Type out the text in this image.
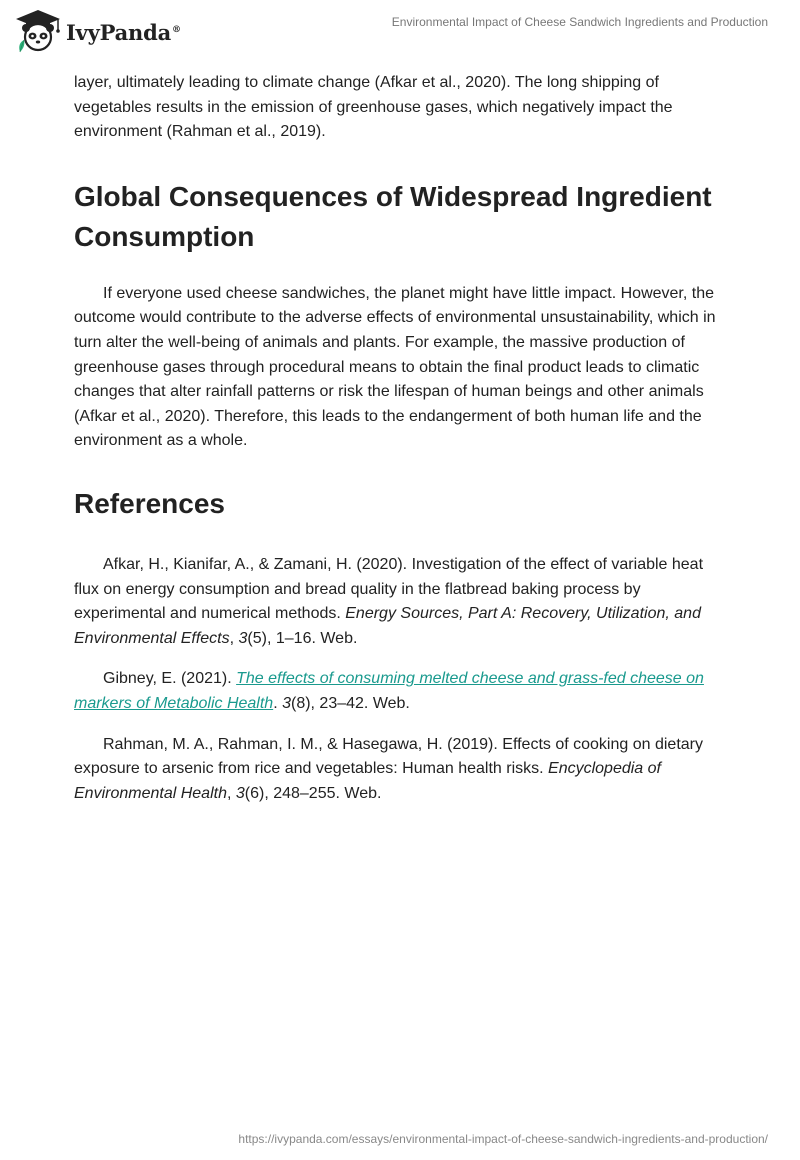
IvyPanda®
Environmental Impact of Cheese Sandwich Ingredients and Production

layer, ultimately leading to climate change (Afkar et al., 2020). The long shipping of vegetables results in the emission of greenhouse gases, which negatively impact the environment (Rahman et al., 2019).

Global Consequences of Widespread Ingredient Consumption

If everyone used cheese sandwiches, the planet might have little impact. However, the outcome would contribute to the adverse effects of environmental unsustainability, which in turn alter the well-being of animals and plants. For example, the massive production of greenhouse gases through procedural means to obtain the final product leads to climatic changes that alter rainfall patterns or risk the lifespan of human beings and other animals (Afkar et al., 2020). Therefore, this leads to the endangerment of both human life and the environment as a whole.

References

Afkar, H., Kianifar, A., & Zamani, H. (2020). Investigation of the effect of variable heat flux on energy consumption and bread quality in the flatbread baking process by experimental and numerical methods. Energy Sources, Part A: Recovery, Utilization, and Environmental Effects, 3(5), 1–16. Web.

Gibney, E. (2021). The effects of consuming melted cheese and grass-fed cheese on markers of Metabolic Health. 3(8), 23–42. Web.

Rahman, M. A., Rahman, I. M., & Hasegawa, H. (2019). Effects of cooking on dietary exposure to arsenic from rice and vegetables: Human health risks. Encyclopedia of Environmental Health, 3(6), 248–255. Web.

https://ivypanda.com/essays/environmental-impact-of-cheese-sandwich-ingredients-and-production/
